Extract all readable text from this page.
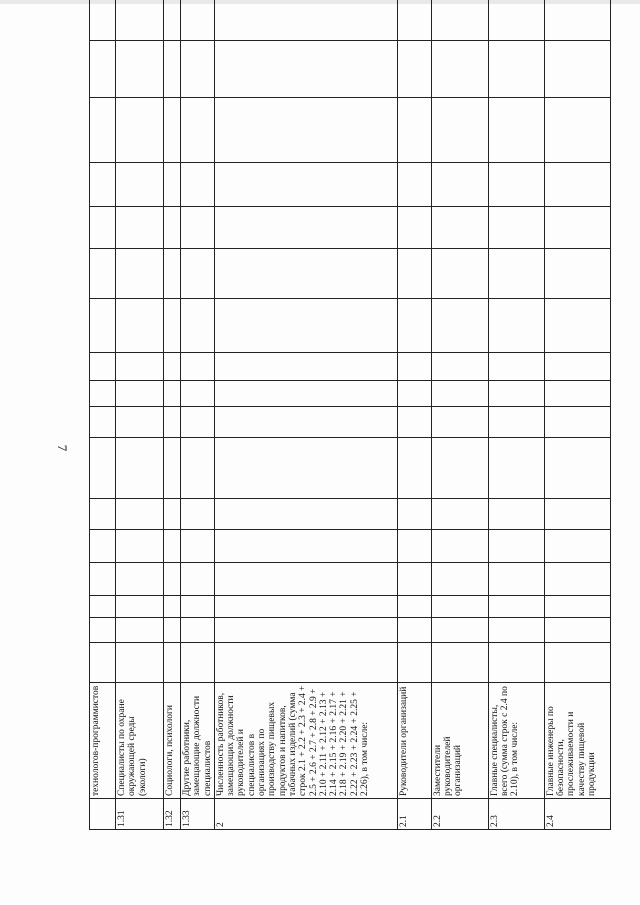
7
	технологов-программистов																	
1.31	Специалисты по охране окружающей среды (экологи)																	
1.32	Социологи, психологи																	
1.33	Другие работники, замещающие должности специалистов																	
2	Численность работников, замещающих должности руководителей и специалистов в организациях по производству пищевых продуктов и напитков, табачных изделий (сумма строк 2.1 + 2.2 + 2.3 + 2.4 + 2.5 + 2.6 + 2.7 + 2.8 + 2.9 + 2.10 + 2.11 + 2.12 + 2.13 + 2.14 + 2.15 + 2.16 + 2.17 + 2.18 + 2.19 + 2.20 + 2.21 + 2.22 + 2.23 + 2.24 + 2.25 + 2.26), в том числе:																	
2.1	Руководители организаций																	
2.2	Заместители руководителей организаций																	
2.3	Главные специалисты, всего (сумма строк с 2.4 по 2.10), в том числе:																	
2.4	Главные инженеры по безопасности, прослеживаемости и качеству пищевой продукции																	
